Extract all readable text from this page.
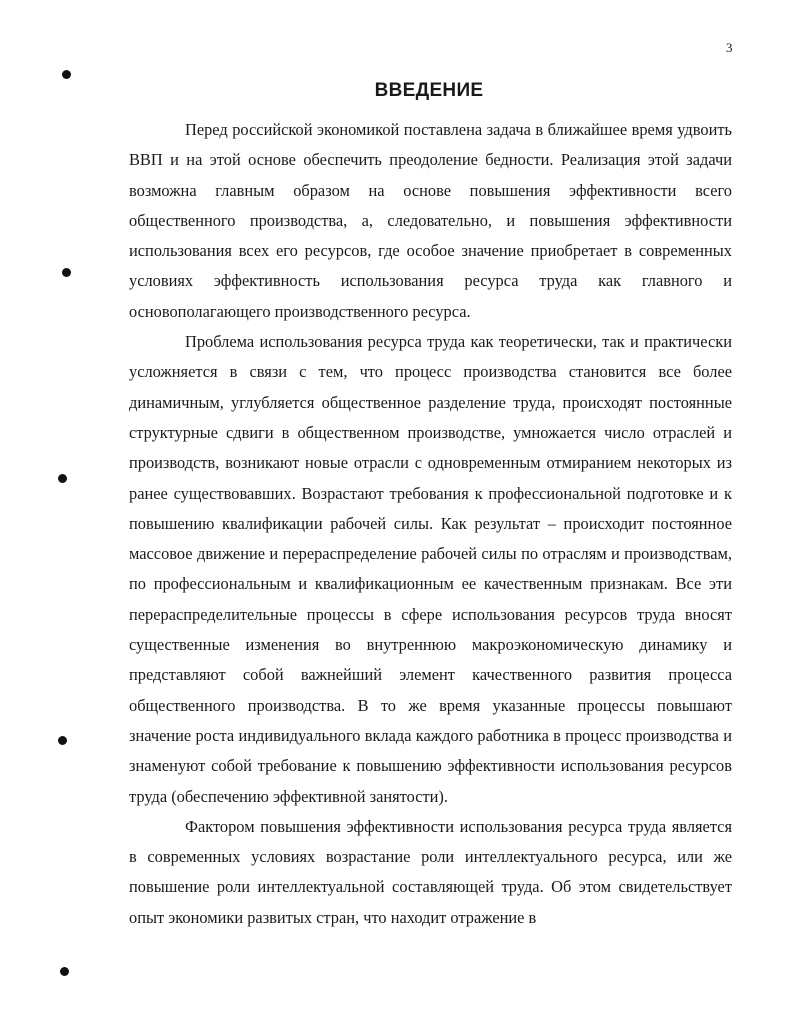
3
ВВЕДЕНИЕ

Перед российской экономикой поставлена задача в ближайшее время удвоить ВВП и на этой основе обеспечить преодоление бедности. Реализация этой задачи возможна главным образом на основе повышения эффективности всего общественного производства, а, следовательно, и повышения эффективности использования всех его ресурсов, где особое значение приобретает в современных условиях эффективность использования ресурса труда как главного и основополагающего производственного ресурса.

Проблема использования ресурса труда как теоретически, так и практически усложняется в связи с тем, что процесс производства становится все более динамичным, углубляется общественное разделение труда, происходят постоянные структурные сдвиги в общественном производстве, умножается число отраслей и производств, возникают новые отрасли с одновременным отмиранием некоторых из ранее существовавших. Возрастают требования к профессиональной подготовке и к повышению квалификации рабочей силы. Как результат – происходит постоянное массовое движение и перераспределение рабочей силы по отраслям и производствам, по профессиональным и квалификационным ее качественным признакам. Все эти перераспределительные процессы в сфере использования ресурсов труда вносят существенные изменения во внутреннюю макроэкономическую динамику и представляют собой важнейший элемент качественного развития процесса общественного производства. В то же время указанные процессы повышают значение роста индивидуального вклада каждого работника в процесс производства и знаменуют собой требование к повышению эффективности использования ресурсов труда (обеспечению эффективной занятости).

Фактором повышения эффективности использования ресурса труда является в современных условиях возрастание роли интеллектуального ресурса, или же повышение роли интеллектуальной составляющей труда. Об этом свидетельствует опыт экономики развитых стран, что находит отражение в
